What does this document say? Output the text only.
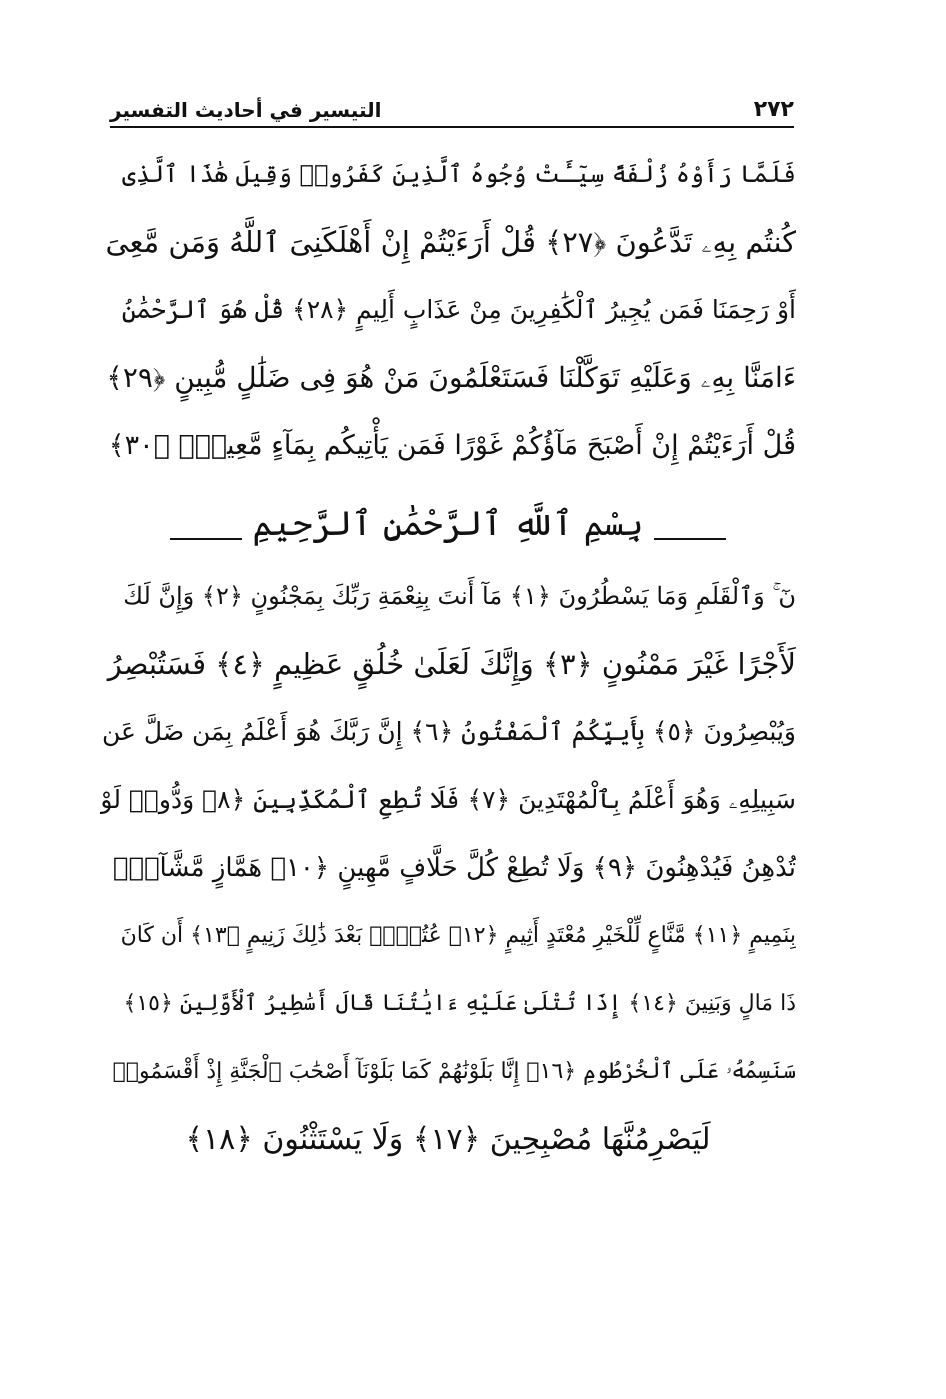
٢٧٢
التيسير في أحاديث التفسير
فَلَمَّا رَأَوْهُ زُلْفَةً سِيٓـَٔتْ وُجُوهُ ٱلَّذِينَ كَفَرُوا۟ وَقِيلَ هَٰذَا ٱلَّذِى
كُنتُم بِهِۦ تَدَّعُونَ ﴿٢٧﴾ قُلْ أَرَءَيْتُمْ إِنْ أَهْلَكَنِىَ ٱللَّهُ وَمَن مَّعِىَ
أَوْ رَحِمَنَا فَمَن يُجِيرُ ٱلْكَٰفِرِينَ مِنْ عَذَابٍ أَلِيمٍ ﴿٢٨﴾ قُلْ هُوَ ٱلرَّحْمَٰنُ
ءَامَنَّا بِهِۦ وَعَلَيْهِ تَوَكَّلْنَا فَسَتَعْلَمُونَ مَنْ هُوَ فِى ضَلَٰلٍ مُّبِينٍ ﴿٢٩﴾
قُلْ أَرَءَيْتُمْ إِنْ أَصْبَحَ مَآؤُكُمْ غَوْرًا فَمَن يَأْتِيكُم بِمَآءٍ مَّعِينٍۭ ﴿٣٠﴾
بِسْمِ ٱللَّهِ ٱلرَّحْمَٰنِ ٱلرَّحِيمِ
نٓ ۚ وَٱلْقَلَمِ وَمَا يَسْطُرُونَ ﴿١﴾ مَآ أَنتَ بِنِعْمَةِ رَبِّكَ بِمَجْنُونٍ ﴿٢﴾ وَإِنَّ لَكَ
لَأَجْرًا غَيْرَ مَمْنُونٍ ﴿٣﴾ وَإِنَّكَ لَعَلَىٰ خُلُقٍ عَظِيمٍ ﴿٤﴾ فَسَتُبْصِرُ
وَيُبْصِرُونَ ﴿٥﴾ بِأَييِّكُمُ ٱلْمَفْتُونُ ﴿٦﴾ إِنَّ رَبَّكَ هُوَ أَعْلَمُ بِمَن ضَلَّ عَن
سَبِيلِهِۦ وَهُوَ أَعْلَمُ بِٱلْمُهْتَدِينَ ﴿٧﴾ فَلَا تُطِعِ ٱلْمُكَذِّبِينَ ﴿٨﴾ وَدُّوا۟ لَوْ
تُدْهِنُ فَيُدْهِنُونَ ﴿٩﴾ وَلَا تُطِعْ كُلَّ حَلَّافٍ مَّهِينٍ ﴿١٠﴾ هَمَّازٍ مَّشَّآءٍۭ
بِنَمِيمٍ ﴿١١﴾ مَّنَّاعٍ لِّلْخَيْرِ مُعْتَدٍ أَثِيمٍ ﴿١٢﴾ عُتُلٍّۭ بَعْدَ ذَٰلِكَ زَنِيمٍ ﴿١٣﴾ أَن كَانَ
ذَا مَالٍ وَبَنِينَ ﴿١٤﴾ إِذَا تُتْلَىٰ عَلَيْهِ ءَايَٰتُنَا قَالَ أَسَٰطِيرُ ٱلْأَوَّلِينَ ﴿١٥﴾
سَنَسِمُهُۥ عَلَى ٱلْخُرْطُومِ ﴿١٦﴾ إِنَّا بَلَوْنَٰهُمْ كَمَا بَلَوْنَآ أَصْحَٰبَ ٱلْجَنَّةِ إِذْ أَقْسَمُوا۟
لَيَصْرِمُنَّهَا مُصْبِحِينَ ﴿١٧﴾ وَلَا يَسْتَثْنُونَ ﴿١٨﴾
